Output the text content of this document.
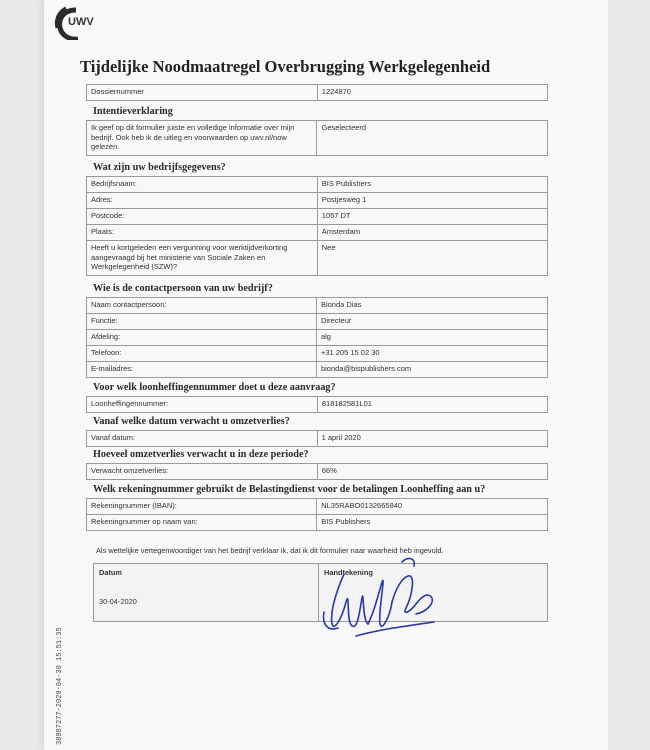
UWV
Tijdelijke Noodmaatregel Overbrugging Werkgelegenheid
Dossiernummer	1224870
Intentieverklaring
Ik geef op dit formulier juiste en volledige informatie over mijn bedrijf. Ook heb ik de uitleg en voorwaarden op uwv.nl/now gelezen.	Geselecteerd
Wat zijn uw bedrijfsgegevens?
Bedrijfsnaam:	BIS Publishers
Adres:	Postjesweg 1
Postcode:	1057 DT
Plaats:	Amsterdam
Heeft u kortgeleden een vergunning voor werktijdverkorting aangevraagd bij het ministerie van Sociale Zaken en Werkgelegenheid (SZW)?	Nee
Wie is de contactpersoon van uw bedrijf?
Naam contactpersoon:	Bionda Dias
Functie:	Directeur
Afdeling:	alg
Telefoon:	+31 205 15 02 30
E-mailadres:	bionda@bispublishers.com
Voor welk loonheffingennummer doet u deze aanvraag?
Loonheffingennummer:	818182581L01
Vanaf welke datum verwacht u omzetverlies?
Vanaf datum:	1 april 2020
Hoeveel omzetverlies verwacht u in deze periode?
Verwacht omzetverlies:	66%
Welk rekeningnummer gebruikt de Belastingdienst voor de betalingen Loonheffing aan u?
Rekeningnummer (IBAN):	NL35RABO0132665840
Rekeningnummer op naam van:	BIS Publishers
Als wettelijke vertegenwoordiger van het bedrijf verklaar ik, dat ik dit formulier naar waarheid heb ingevuld.
Datum
30-04-2020
Handtekening
38987277-2020-04-30 15:51:35
